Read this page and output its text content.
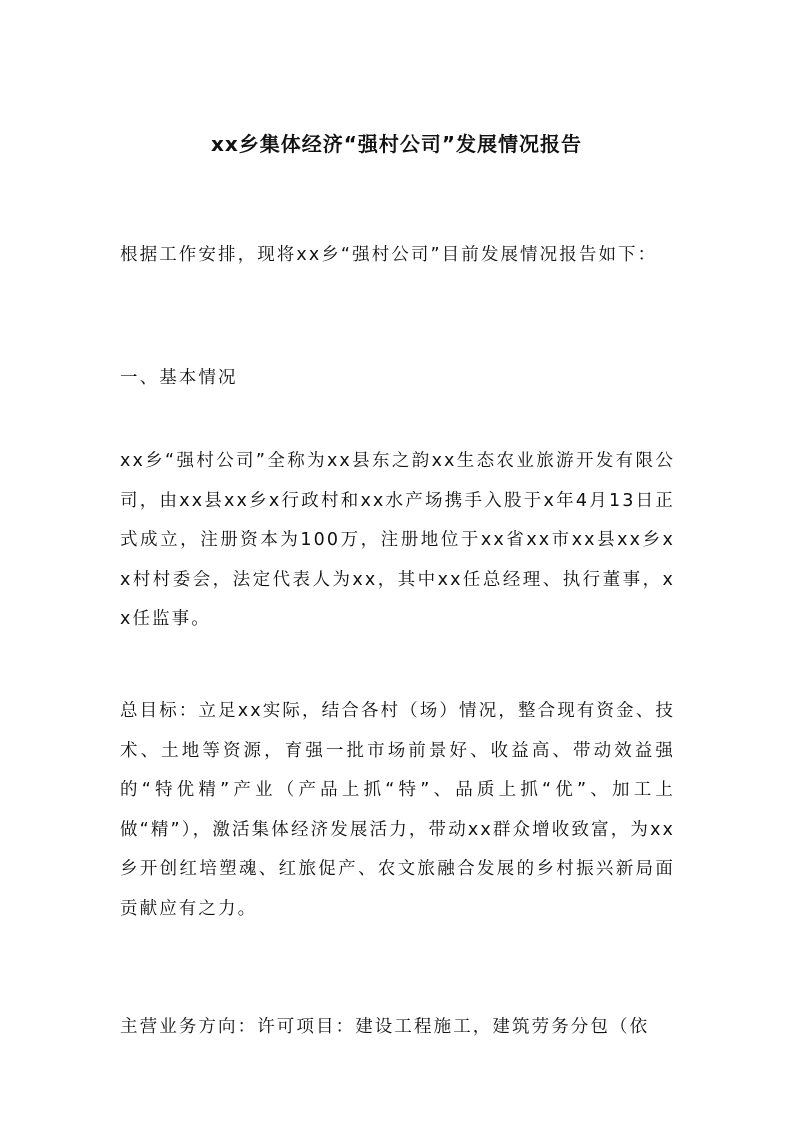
xx乡集体经济“强村公司”发展情况报告

根据工作安排，现将xx乡“强村公司”目前发展情况报告如下：

一、基本情况

xx乡“强村公司”全称为xx县东之韵xx生态农业旅游开发有限公司，由xx县xx乡x行政村和xx水产场携手入股于x年4月13日正式成立，注册资本为100万，注册地位于xx省xx市xx县xx乡xx村村委会，法定代表人为xx，其中xx任总经理、执行董事，xx任监事。

总目标：立足xx实际，结合各村（场）情况，整合现有资金、技术、土地等资源，育强一批市场前景好、收益高、带动效益强的“特优精”产业（产品上抓“特”、品质上抓“优”、加工上做“精”），激活集体经济发展活力，带动xx群众增收致富，为xx乡开创红培塑魂、红旅促产、农文旅融合发展的乡村振兴新局面贡献应有之力。

主营业务方向：许可项目：建设工程施工，建筑劳务分包（依
